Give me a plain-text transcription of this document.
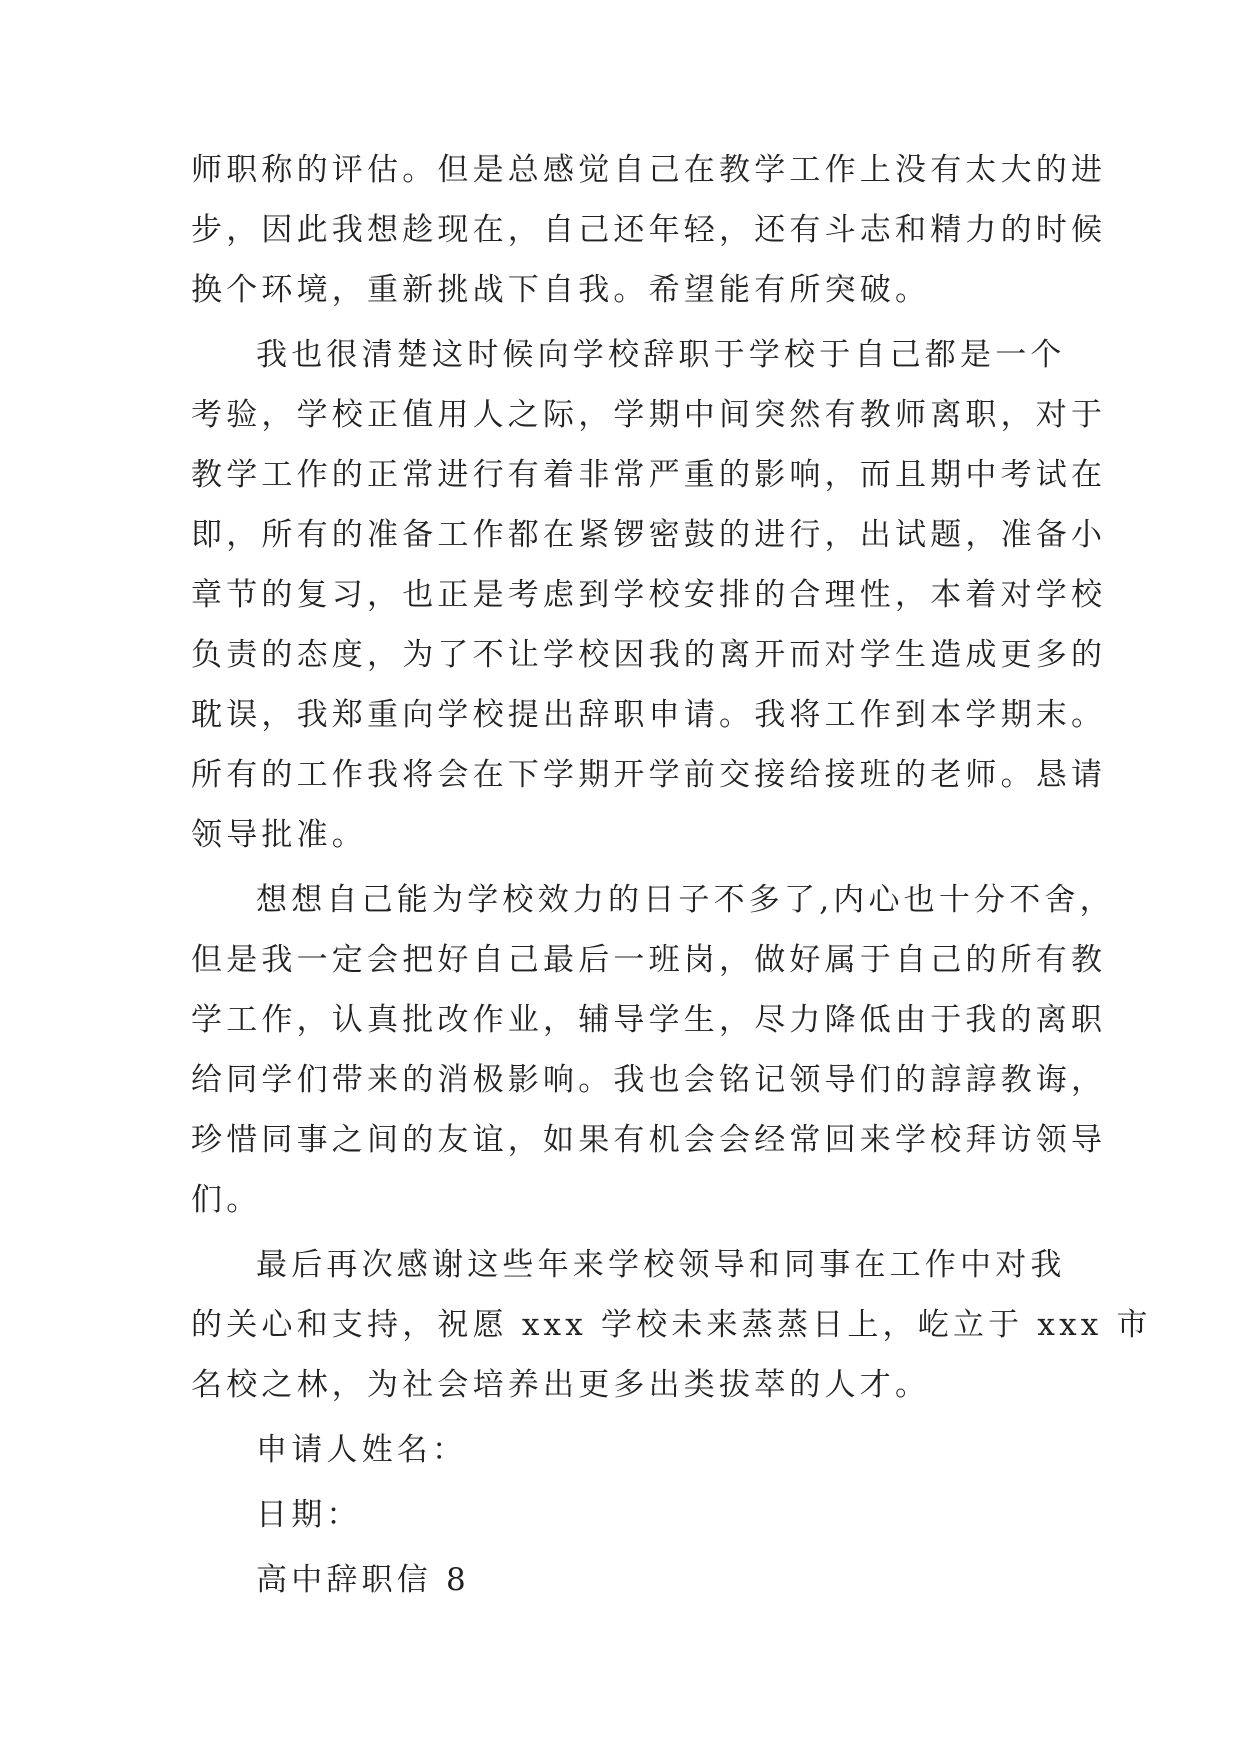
师职称的评估。但是总感觉自己在教学工作上没有太大的进
步，因此我想趁现在，自己还年轻，还有斗志和精力的时候
换个环境，重新挑战下自我。希望能有所突破。
我也很清楚这时候向学校辞职于学校于自己都是一个
考验，学校正值用人之际，学期中间突然有教师离职，对于
教学工作的正常进行有着非常严重的影响，而且期中考试在
即，所有的准备工作都在紧锣密鼓的进行，出试题，准备小
章节的复习，也正是考虑到学校安排的合理性，本着对学校
负责的态度，为了不让学校因我的离开而对学生造成更多的
耽误，我郑重向学校提出辞职申请。我将工作到本学期末。
所有的工作我将会在下学期开学前交接给接班的老师。恳请
领导批准。
想想自己能为学校效力的日子不多了,内心也十分不舍，
但是我一定会把好自己最后一班岗，做好属于自己的所有教
学工作，认真批改作业，辅导学生，尽力降低由于我的离职
给同学们带来的消极影响。我也会铭记领导们的諄諄教诲，
珍惜同事之间的友谊，如果有机会会经常回来学校拜访领导
们。
最后再次感谢这些年来学校领导和同事在工作中对我
的关心和支持，祝愿 xxx 学校未来蒸蒸日上，屹立于 xxx 市
名校之林，为社会培养出更多出类拔萃的人才。
申请人姓名：
日期：
高中辞职信 8
